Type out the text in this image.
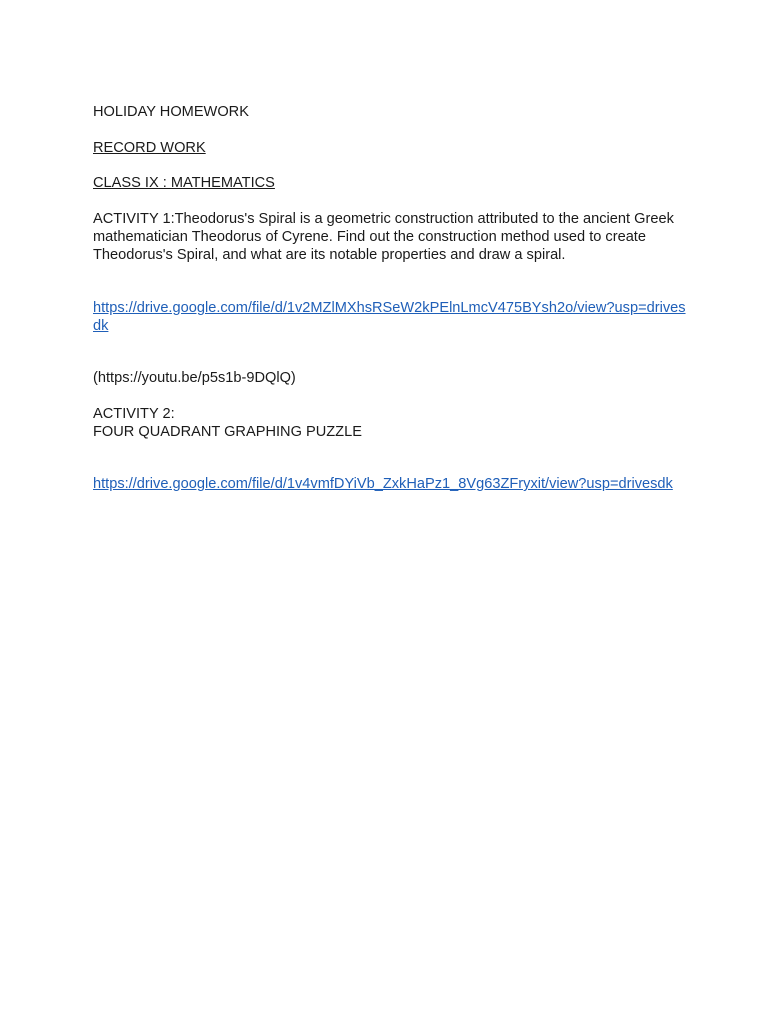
HOLIDAY HOMEWORK
RECORD WORK
CLASS IX : MATHEMATICS
ACTIVITY 1:Theodorus's Spiral is a geometric construction attributed to the ancient Greek
mathematician Theodorus of Cyrene. Find out the construction method used to create
Theodorus's Spiral, and what are its notable properties and draw a spiral.
https://drive.google.com/file/d/1v2MZlMXhsRSeW2kPElnLmcV475BYsh2o/view?usp=drives
dk
(https://youtu.be/p5s1b-9DQlQ)
ACTIVITY 2:
FOUR QUADRANT GRAPHING PUZZLE
https://drive.google.com/file/d/1v4vmfDYiVb_ZxkHaPz1_8Vg63ZFryxit/view?usp=drivesdk
